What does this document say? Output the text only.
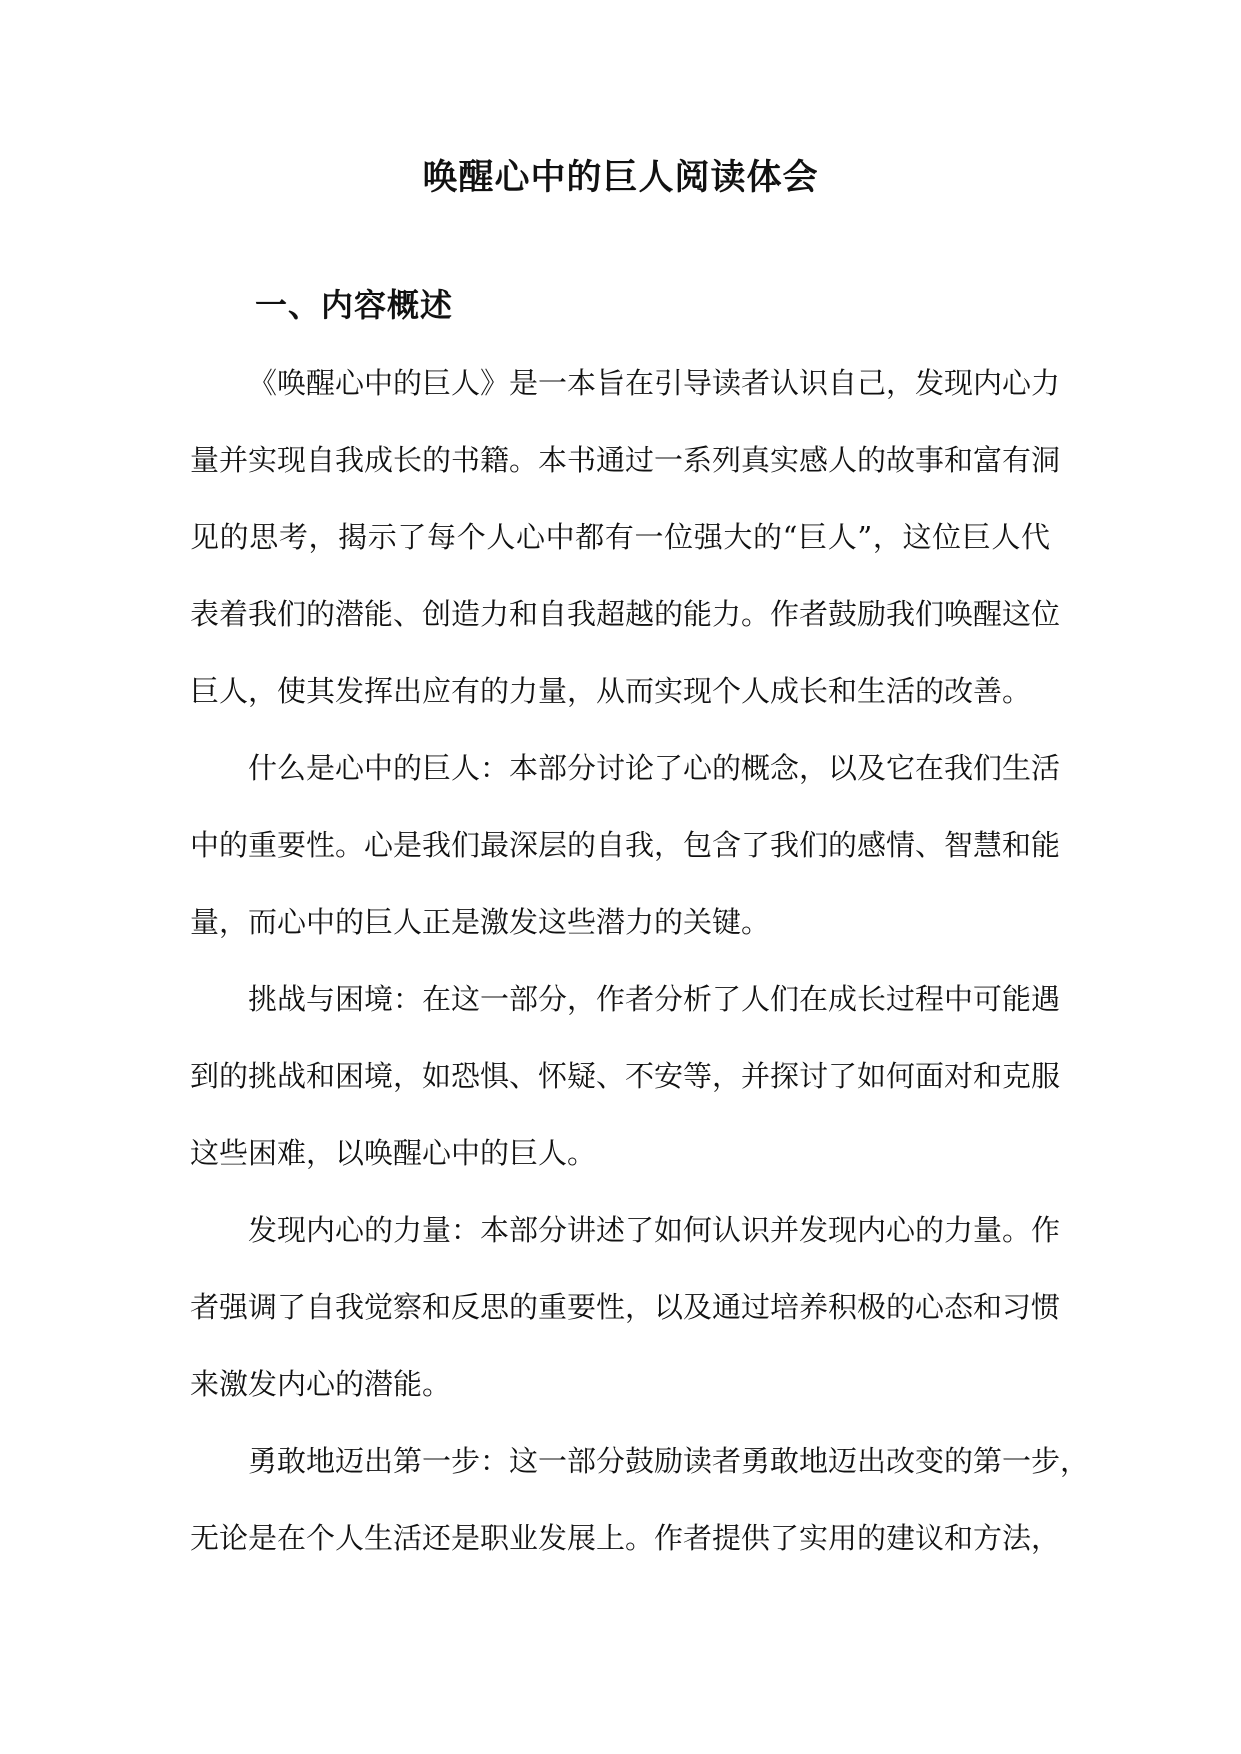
唤醒心中的巨人阅读体会
一、内容概述
《唤醒心中的巨人》是一本旨在引导读者认识自己，发现内心力
量并实现自我成长的书籍。本书通过一系列真实感人的故事和富有洞
见的思考，揭示了每个人心中都有一位强大的“巨人”，这位巨人代
表着我们的潜能、创造力和自我超越的能力。作者鼓励我们唤醒这位
巨人，使其发挥出应有的力量，从而实现个人成长和生活的改善。
什么是心中的巨人：本部分讨论了心的概念，以及它在我们生活
中的重要性。心是我们最深层的自我，包含了我们的感情、智慧和能
量，而心中的巨人正是激发这些潜力的关键。
挑战与困境：在这一部分，作者分析了人们在成长过程中可能遇
到的挑战和困境，如恐惧、怀疑、不安等，并探讨了如何面对和克服
这些困难，以唤醒心中的巨人。
发现内心的力量：本部分讲述了如何认识并发现内心的力量。作
者强调了自我觉察和反思的重要性，以及通过培养积极的心态和习惯
来激发内心的潜能。
勇敢地迈出第一步：这一部分鼓励读者勇敢地迈出改变的第一步，
无论是在个人生活还是职业发展上。作者提供了实用的建议和方法，
